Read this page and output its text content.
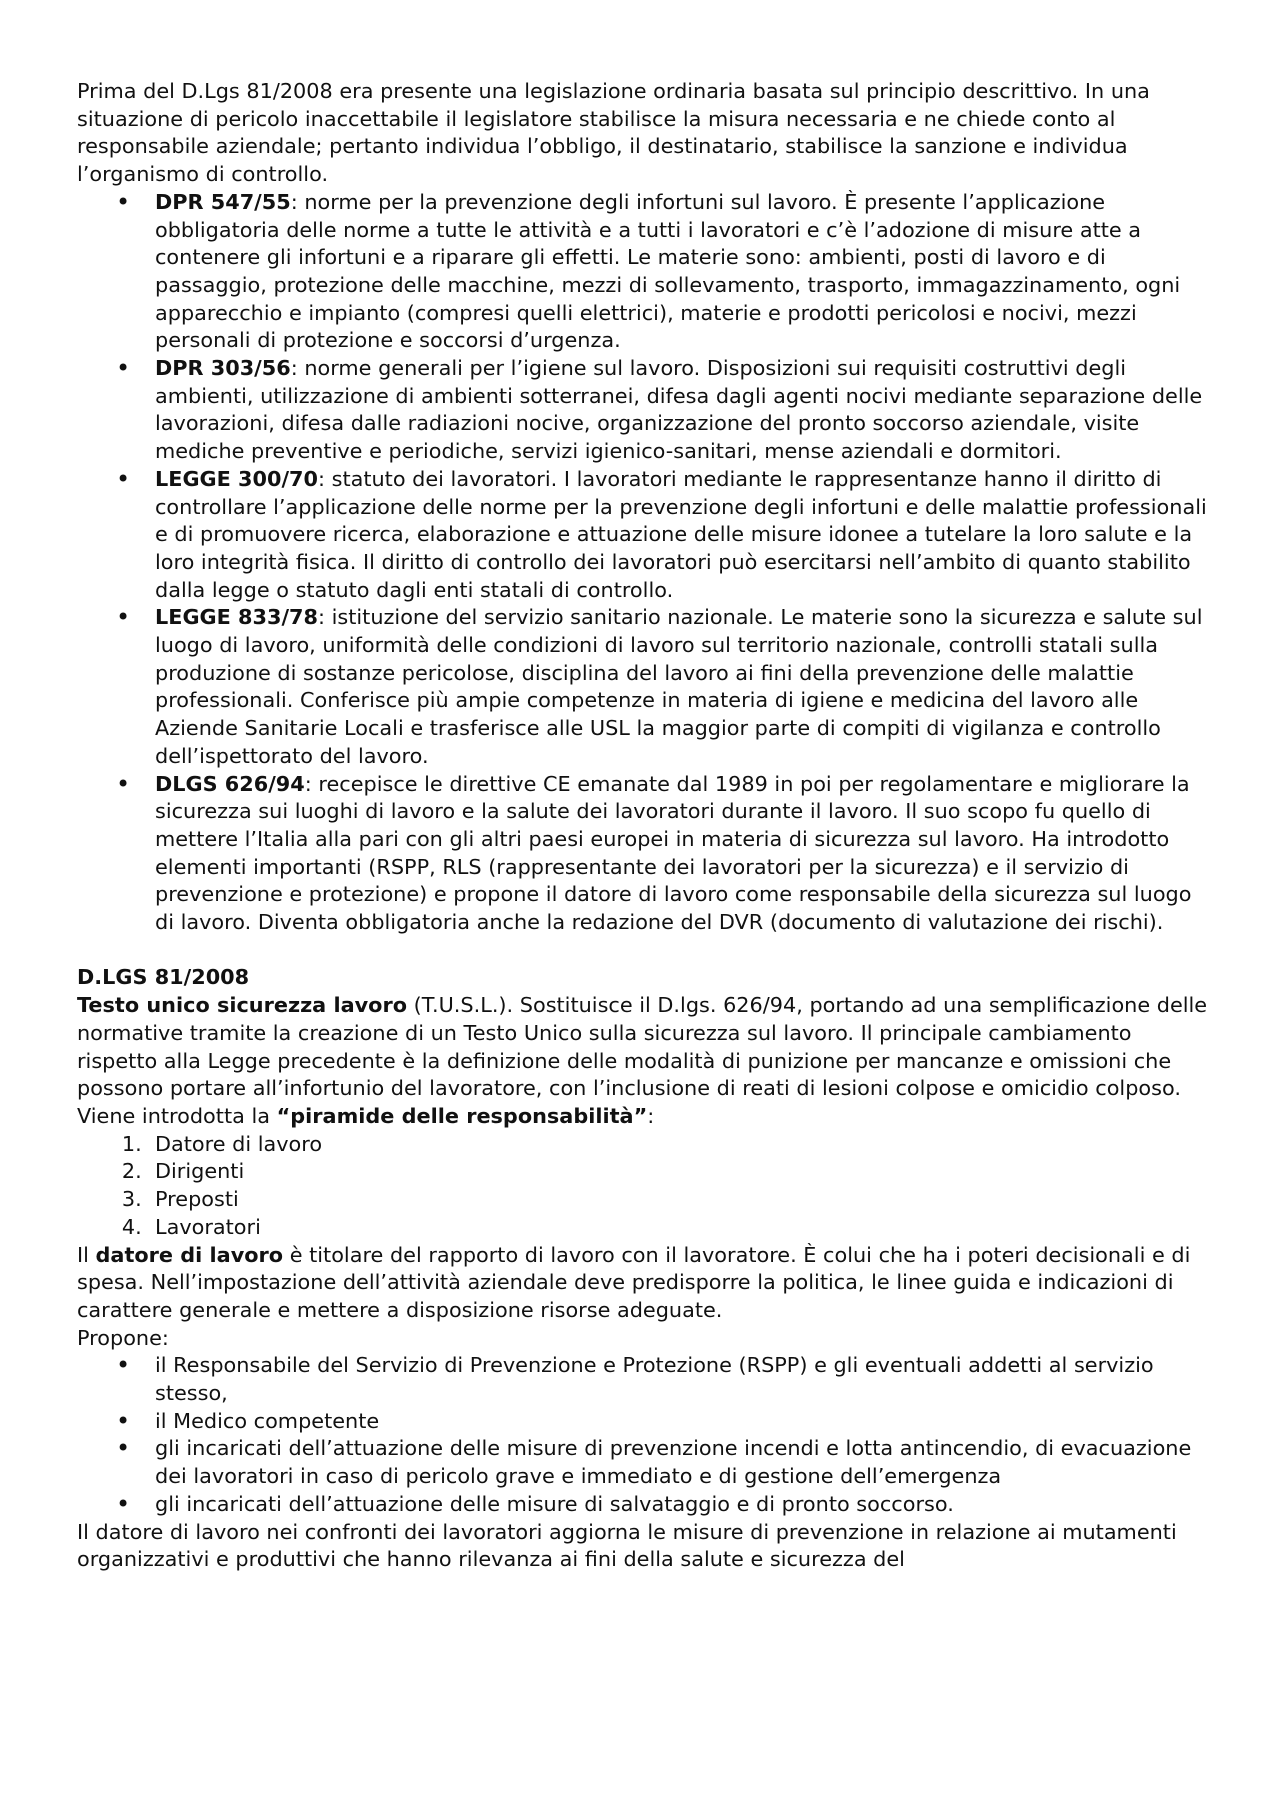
Prima del D.Lgs 81/2008 era presente una legislazione ordinaria basata sul principio descrittivo. In una situazione di pericolo inaccettabile il legislatore stabilisce la misura necessaria e ne chiede conto al responsabile aziendale; pertanto individua l’obbligo, il destinatario, stabilisce la sanzione e individua l’organismo di controllo.

• DPR 547/55: norme per la prevenzione degli infortuni sul lavoro. È presente l’applicazione obbligatoria delle norme a tutte le attività e a tutti i lavoratori e c’è l’adozione di misure atte a contenere gli infortuni e a riparare gli effetti. Le materie sono: ambienti, posti di lavoro e di passaggio, protezione delle macchine, mezzi di sollevamento, trasporto, immagazzinamento, ogni apparecchio e impianto (compresi quelli elettrici), materie e prodotti pericolosi e nocivi, mezzi personali di protezione e soccorsi d’urgenza.
• DPR 303/56: norme generali per l’igiene sul lavoro. Disposizioni sui requisiti costruttivi degli ambienti, utilizzazione di ambienti sotterranei, difesa dagli agenti nocivi mediante separazione delle lavorazioni, difesa dalle radiazioni nocive, organizzazione del pronto soccorso aziendale, visite mediche preventive e periodiche, servizi igienico-sanitari, mense aziendali e dormitori.
• LEGGE 300/70: statuto dei lavoratori. I lavoratori mediante le rappresentanze hanno il diritto di controllare l’applicazione delle norme per la prevenzione degli infortuni e delle malattie professionali e di promuovere ricerca, elaborazione e attuazione delle misure idonee a tutelare la loro salute e la loro integrità fisica. Il diritto di controllo dei lavoratori può esercitarsi nell’ambito di quanto stabilito dalla legge o statuto dagli enti statali di controllo.
• LEGGE 833/78: istituzione del servizio sanitario nazionale. Le materie sono la sicurezza e salute sul luogo di lavoro, uniformità delle condizioni di lavoro sul territorio nazionale, controlli statali sulla produzione di sostanze pericolose, disciplina del lavoro ai fini della prevenzione delle malattie professionali. Conferisce più ampie competenze in materia di igiene e medicina del lavoro alle Aziende Sanitarie Locali e trasferisce alle USL la maggior parte di compiti di vigilanza e controllo dell’ispettorato del lavoro.
• DLGS 626/94: recepisce le direttive CE emanate dal 1989 in poi per regolamentare e migliorare la sicurezza sui luoghi di lavoro e la salute dei lavoratori durante il lavoro. Il suo scopo fu quello di mettere l’Italia alla pari con gli altri paesi europei in materia di sicurezza sul lavoro. Ha introdotto elementi importanti (RSPP, RLS (rappresentante dei lavoratori per la sicurezza) e il servizio di prevenzione e protezione) e propone il datore di lavoro come responsabile della sicurezza sul luogo di lavoro. Diventa obbligatoria anche la redazione del DVR (documento di valutazione dei rischi).

D.LGS 81/2008

Testo unico sicurezza lavoro (T.U.S.L.). Sostituisce il D.lgs. 626/94, portando ad una semplificazione delle normative tramite la creazione di un Testo Unico sulla sicurezza sul lavoro. Il principale cambiamento rispetto alla Legge precedente è la definizione delle modalità di punizione per mancanze e omissioni che possono portare all’infortunio del lavoratore, con l’inclusione di reati di lesioni colpose e omicidio colposo.

Viene introdotta la “piramide delle responsabilità”:

1. Datore di lavoro
2. Dirigenti
3. Preposti
4. Lavoratori

Il datore di lavoro è titolare del rapporto di lavoro con il lavoratore. È colui che ha i poteri decisionali e di spesa. Nell’impostazione dell’attività aziendale deve predisporre la politica, le linee guida e indicazioni di carattere generale e mettere a disposizione risorse adeguate.

Propone:

• il Responsabile del Servizio di Prevenzione e Protezione (RSPP) e gli eventuali addetti al servizio stesso,
• il Medico competente
• gli incaricati dell’attuazione delle misure di prevenzione incendi e lotta antincendio, di evacuazione dei lavoratori in caso di pericolo grave e immediato e di gestione dell’emergenza
• gli incaricati dell’attuazione delle misure di salvataggio e di pronto soccorso.

Il datore di lavoro nei confronti dei lavoratori aggiorna le misure di prevenzione in relazione ai mutamenti organizzativi e produttivi che hanno rilevanza ai fini della salute e sicurezza del
